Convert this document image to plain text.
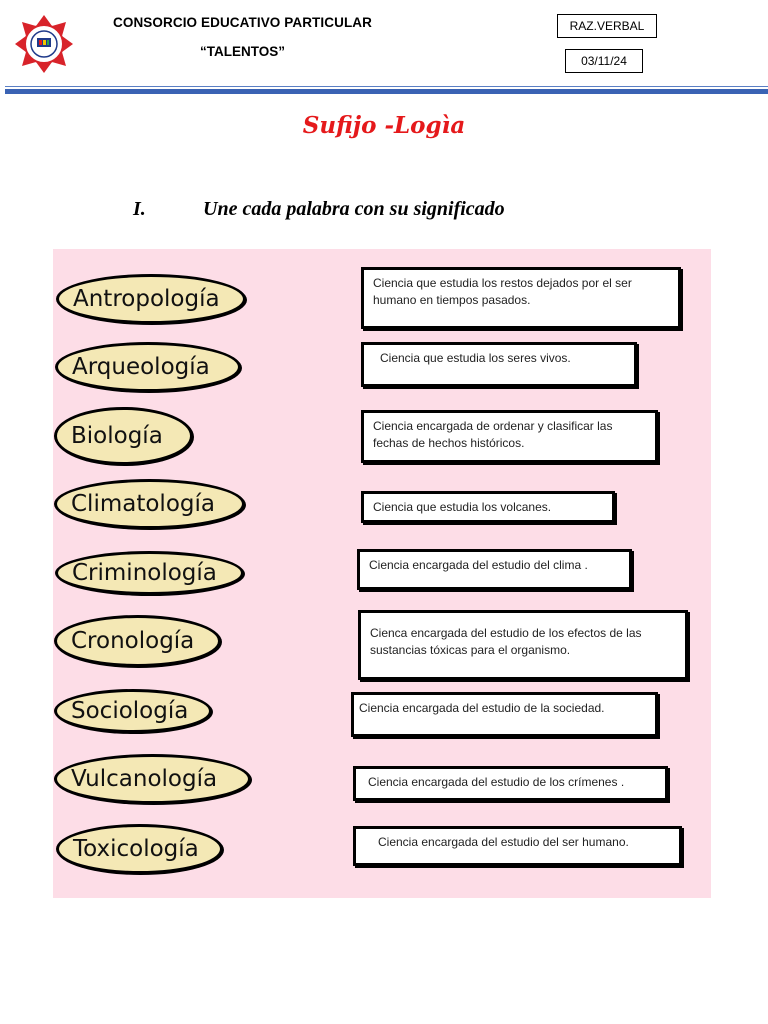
CONSORCIO EDUCATIVO PARTICULAR
“TALENTOS”
RAZ.VERBAL
03/11/24
Sufijo -Logìa
I.	Une cada palabra con su significado
Antropología
Arqueología
Biología
Climatología
Criminología
Cronología
Sociología
Vulcanología
Toxicología
Ciencia que estudia los restos dejados por el ser humano en tiempos pasados.
Ciencia que estudia los seres vivos.
Ciencia encargada de ordenar y clasificar las fechas de hechos históricos.
Ciencia que estudia los volcanes.
Ciencia encargada del estudio del clima .
Cienca encargada del estudio de los efectos de las sustancias tóxicas para el organismo.
Ciencia encargada del estudio de la sociedad.
Ciencia encargada del estudio de los crímenes .
Ciencia encargada del estudio del ser humano.
